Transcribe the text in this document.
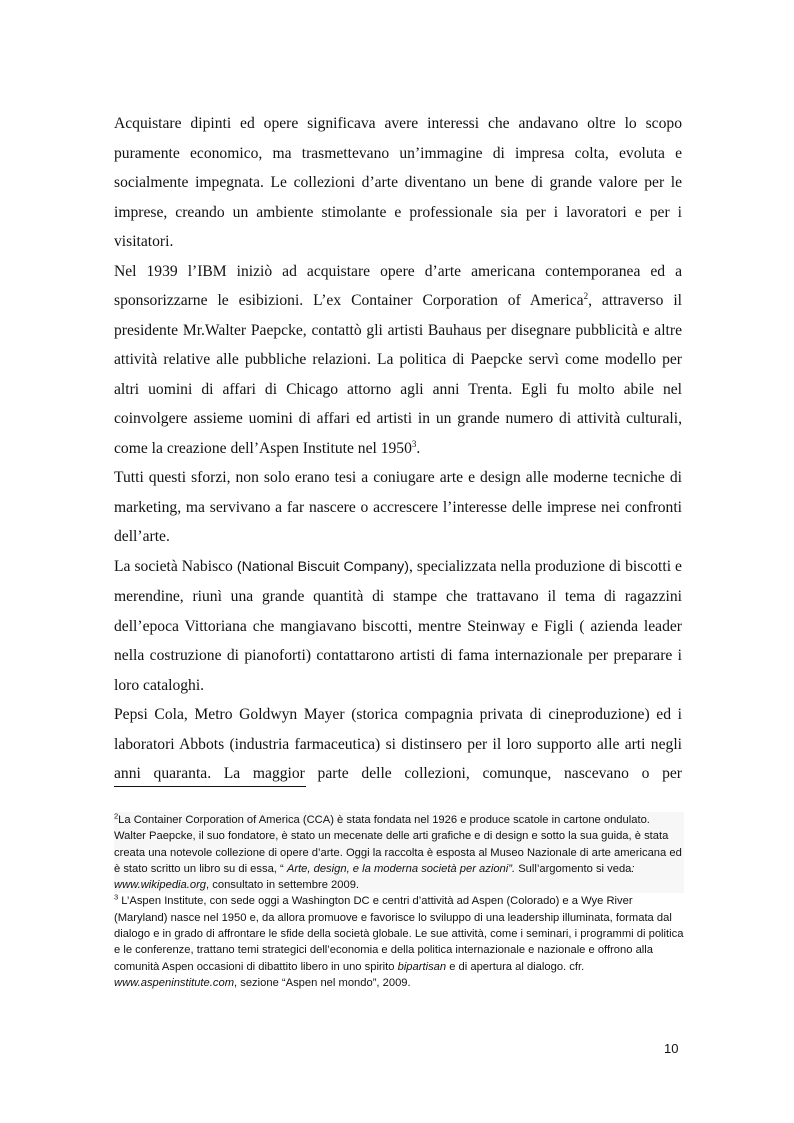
Acquistare dipinti ed opere significava avere interessi che andavano oltre lo scopo puramente economico, ma trasmettevano un’immagine di impresa colta, evoluta e socialmente impegnata. Le collezioni d’arte diventano un bene di grande valore per le imprese, creando un ambiente stimolante e professionale sia per i lavoratori e per i visitatori.

Nel 1939 l’IBM iniziò ad acquistare opere d’arte americana contemporanea ed a sponsorizzarne le esibizioni. L’ex Container Corporation of America$^2$, attraverso il presidente Mr.Walter Paepcke, contattò gli artisti Bauhaus per disegnare pubblicità e altre attività relative alle pubbliche relazioni. La politica di Paepcke servì come modello per altri uomini di affari di Chicago attorno agli anni Trenta. Egli fu molto abile nel coinvolgere assieme uomini di affari ed artisti in un grande numero di attività culturali, come la creazione dell’Aspen Institute nel 1950$^3$.

Tutti questi sforzi, non solo erano tesi a coniugare arte e design alle moderne tecniche di marketing, ma servivano a far nascere o accrescere l’interesse delle imprese nei confronti dell’arte.

La società Nabisco (National Biscuit Company), specializzata nella produzione di biscotti e merendine, riunì una grande quantità di stampe che trattavano il tema di ragazzini dell’epoca Vittoriana che mangiavano biscotti, mentre Steinway e Figli ( azienda leader nella costruzione di pianoforti) contattarono artisti di fama internazionale per preparare i loro cataloghi.

Pepsi Cola, Metro Goldwyn Mayer (storica compagnia privata di cineproduzione) ed i laboratori Abbots (industria farmaceutica) si distinsero per il loro supporto alle arti negli anni quaranta. La maggior parte delle collezioni, comunque, nascevano o per

$^2$La Container Corporation of America (CCA) è stata fondata nel 1926 e produce scatole in cartone ondulato. Walter Paepcke, il suo fondatore, è stato un mecenate delle arti grafiche e di design e sotto la sua guida, è stata creata una notevole collezione di opere d’arte. Oggi la raccolta è esposta al Museo Nazionale di arte americana ed è stato scritto un libro su di essa, “ Arte, design, e la moderna società per azioni”. Sull’argomento si veda: www.wikipedia.org, consultato in settembre 2009.

$^3$ L’Aspen Institute, con sede oggi a Washington DC e centri d’attività ad Aspen (Colorado) e a Wye River (Maryland) nasce nel 1950 e, da allora promuove e favorisce lo sviluppo di una leadership illuminata, formata dal dialogo e in grado di affrontare le sfide della società globale. Le sue attività, come i seminari, i programmi di politica e le conferenze, trattano temi strategici dell’economia e della politica internazionale e nazionale e offrono alla comunità Aspen occasioni di dibattito libero in uno spirito bipartisan e di apertura al dialogo. cfr. www.aspeninstitute.com, sezione “Aspen nel mondo”, 2009.

10
